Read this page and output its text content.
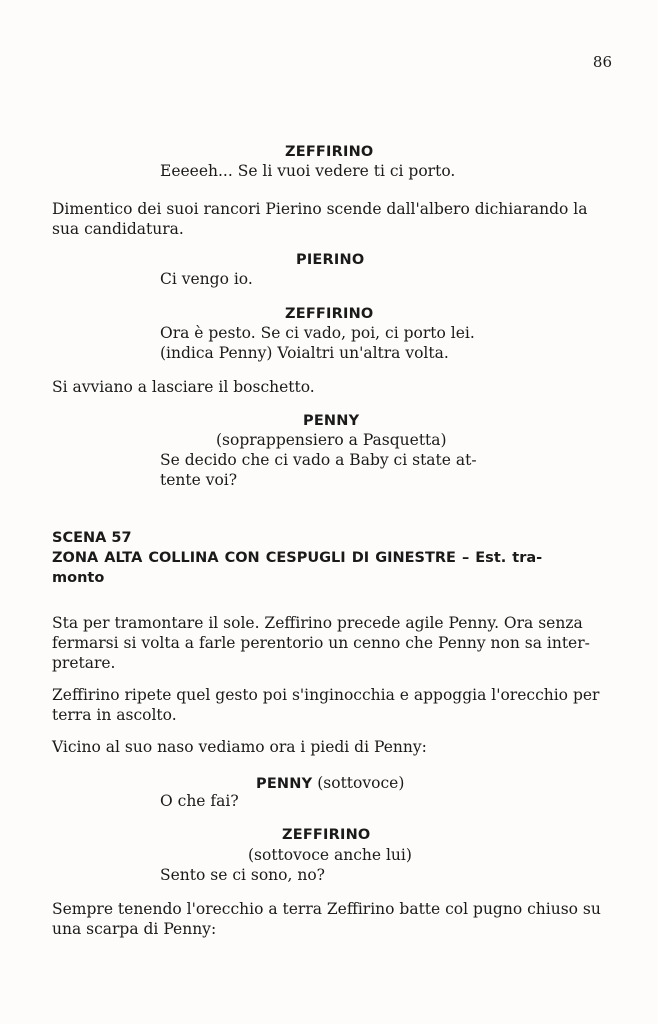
86
ZEFFIRINO
Eeeeeh... Se li vuoi vedere ti ci porto.
Dimentico dei suoi rancori Pierino scende dall'albero dichiarando la
sua candidatura.
PIERINO
Ci vengo io.
ZEFFIRINO
Ora è pesto. Se ci vado, poi, ci porto lei.
(indica Penny) Voialtri un'altra volta.
Si avviano a lasciare il boschetto.
PENNY
(soprappensiero a Pasquetta)
Se decido che ci vado a Baby ci state at-
tente voi?
SCENA 57
ZONA ALTA COLLINA CON CESPUGLI DI GINESTRE – Est. tra-
monto
Sta per tramontare il sole. Zeffirino precede agile Penny. Ora senza
fermarsi si volta a farle perentorio un cenno che Penny non sa inter-
pretare.
Zeffirino ripete quel gesto poi s'inginocchia e appoggia l'orecchio per
terra in ascolto.
Vicino al suo naso vediamo ora i piedi di Penny:
PENNY (sottovoce)
O che fai?
ZEFFIRINO
(sottovoce anche lui)
Sento se ci sono, no?
Sempre tenendo l'orecchio a terra Zeffirino batte col pugno chiuso su
una scarpa di Penny:
